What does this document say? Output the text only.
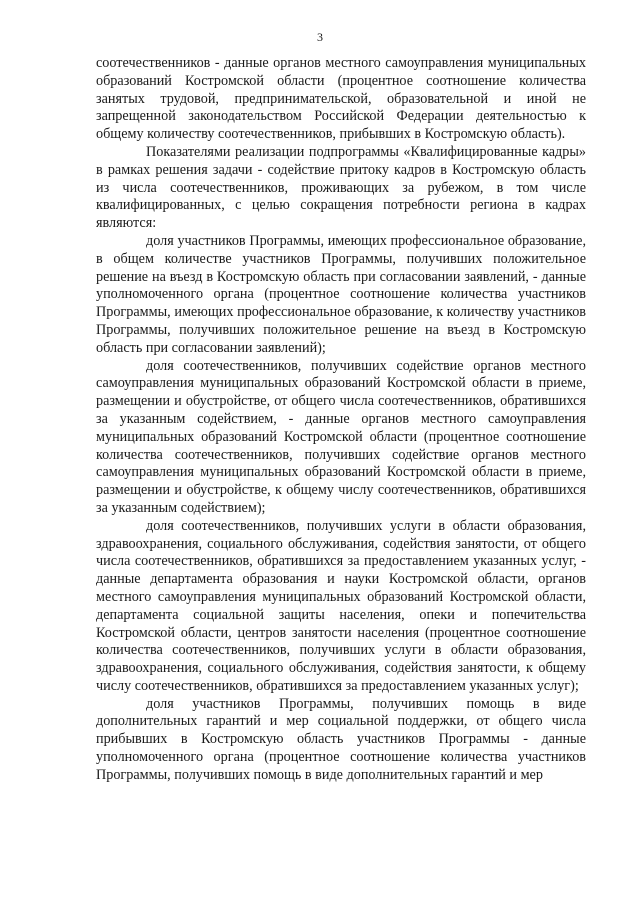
3

соотечественников - данные органов местного самоуправления муниципальных образований Костромской области (процентное соотношение количества занятых трудовой, предпринимательской, образовательной и иной не запрещенной законодательством Российской Федерации деятельностью к общему количеству соотечественников, прибывших в Костромскую область).

Показателями реализации подпрограммы «Квалифицированные кадры» в рамках решения задачи - содействие притоку кадров в Костромскую область из числа соотечественников, проживающих за рубежом, в том числе квалифицированных, с целью сокращения потребности региона в кадрах являются:

доля участников Программы, имеющих профессиональное образование, в общем количестве участников Программы, получивших положительное решение на въезд в Костромскую область при согласовании заявлений, - данные уполномоченного органа (процентное соотношение количества участников Программы, имеющих профессиональное образование, к количеству участников Программы, получивших положительное решение на въезд в Костромскую область при согласовании заявлений);

доля соотечественников, получивших содействие органов местного самоуправления муниципальных образований Костромской области в приеме, размещении и обустройстве, от общего числа соотечественников, обратившихся за указанным содействием, - данные органов местного самоуправления муниципальных образований Костромской области (процентное соотношение количества соотечественников, получивших содействие органов местного самоуправления муниципальных образований Костромской области в приеме, размещении и обустройстве, к общему числу соотечественников, обратившихся за указанным содействием);

доля соотечественников, получивших услуги в области образования, здравоохранения, социального обслуживания, содействия занятости, от общего числа соотечественников, обратившихся за предоставлением указанных услуг, - данные департамента образования и науки Костромской области, органов местного самоуправления муниципальных образований Костромской области, департамента социальной защиты населения, опеки и попечительства Костромской области, центров занятости населения (процентное соотношение количества соотечественников, получивших услуги в области образования, здравоохранения, социального обслуживания, содействия занятости, к общему числу соотечественников, обратившихся за предоставлением указанных услуг);

доля участников Программы, получивших помощь в виде дополнительных гарантий и мер социальной поддержки, от общего числа прибывших в Костромскую область участников Программы - данные уполномоченного органа (процентное соотношение количества участников Программы, получивших помощь в виде дополнительных гарантий и мер
